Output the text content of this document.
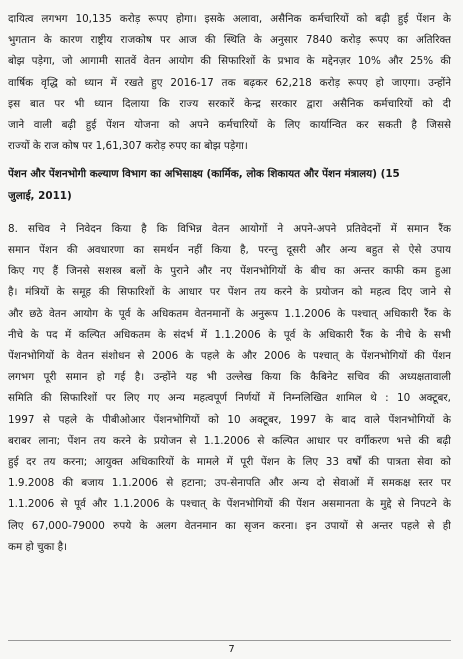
दायित्व लगभग 10,135 करोड़ रूपए होगा। इसके अलावा, असैनिक कर्मचारियों को बढ़ी हुई पेंशन के
भुगतान के कारण राष्ट्रीय राजकोष पर आज की स्थिति के अनुसार 7840 करोड़ रूपए का अतिरिक्त
बोझ पड़ेगा, जो आगामी सातवें वेतन आयोग की सिफारिशों के प्रभाव के मद्देनज़र 10% और 25% की
वार्षिक वृद्धि को ध्यान में रखते हुए 2016-17 तक बढ़कर 62,218 करोड़ रूपए हो जाएगा। उन्होंने
इस बात पर भी ध्यान दिलाया कि राज्य सरकारें केन्द्र सरकार द्वारा असैनिक कर्मचारियों को दी
जाने वाली बढ़ी हुई पेंशन योजना को अपने कर्मचारियों के लिए कार्यान्वित कर सकती है जिससे
राज्यों के राज कोष पर 1,61,307 करोड़ रुपए का बोझ पड़ेगा।

पेंशन और पेंशनभोगी कल्याण विभाग का अभिसाक्ष्य (कार्मिक, लोक शिकायत और पेंशन मंत्रालय) (15
जुलाई, 2011)

8. सचिव ने निवेदन किया है कि विभिन्न वेतन आयोगों ने अपने-अपने प्रतिवेदनों में समान रैंक
समान पेंशन की अवधारणा का समर्थन नहीं किया है, परन्तु दूसरी और अन्य बहुत से ऐसे उपाय
किए गए हैं जिनसे सशस्त्र बलों के पुराने और नए पेंशनभोगियों के बीच का अन्तर काफी कम हुआ
है। मंत्रियों के समूह की सिफारिशों के आधार पर पेंशन तय करने के प्रयोजन को महत्व दिए जाने से
और छठे वेतन आयोग के पूर्व के अधिकतम वेतनमानों के अनुरूप 1.1.2006 के पश्चात् अधिकारी रैंक के
नीचे के पद में कल्पित अधिकतम के संदर्भ में 1.1.2006 के पूर्व के अधिकारी रैंक के नीचे के सभी
पेंशनभोगियों के वेतन संशोधन से 2006 के पहले के और 2006 के पश्चात् के पेंशनभोगियों की पेंशन
लगभग पूरी समान हो गई है। उन्होंने यह भी उल्लेख किया कि कैबिनेट सचिव की अध्यक्षतावाली
समिति की सिफारिशों पर लिए गए अन्य महत्वपूर्ण निर्णयों में निम्नलिखित शामिल थे : 10 अक्टूबर,
1997 से पहले के पीबीओआर पेंशनभोगियों को 10 अक्टूबर, 1997 के बाद वाले पेंशनभोगियों के
बराबर लाना; पेंशन तय करने के प्रयोजन से 1.1.2006 से कल्पित आधार पर वर्गीकरण भत्ते की बढ़ी
हुई दर तय करना; आयुक्त अधिकारियों के मामले में पूरी पेंशन के लिए 33 वर्षों की पात्रता सेवा को
1.9.2008 की बजाय 1.1.2006 से हटाना; उप-सेनापति और अन्य दो सेवाओं में समकक्ष स्तर पर
1.1.2006 से पूर्व और 1.1.2006 के पश्चात् के पेंशनभोगियों की पेंशन असमानता के मुद्दे से निपटने के
लिए 67,000-79000 रुपये के अलग वेतनमान का सृजन करना। इन उपायों से अन्तर पहले से ही
कम हो चुका है।

7
